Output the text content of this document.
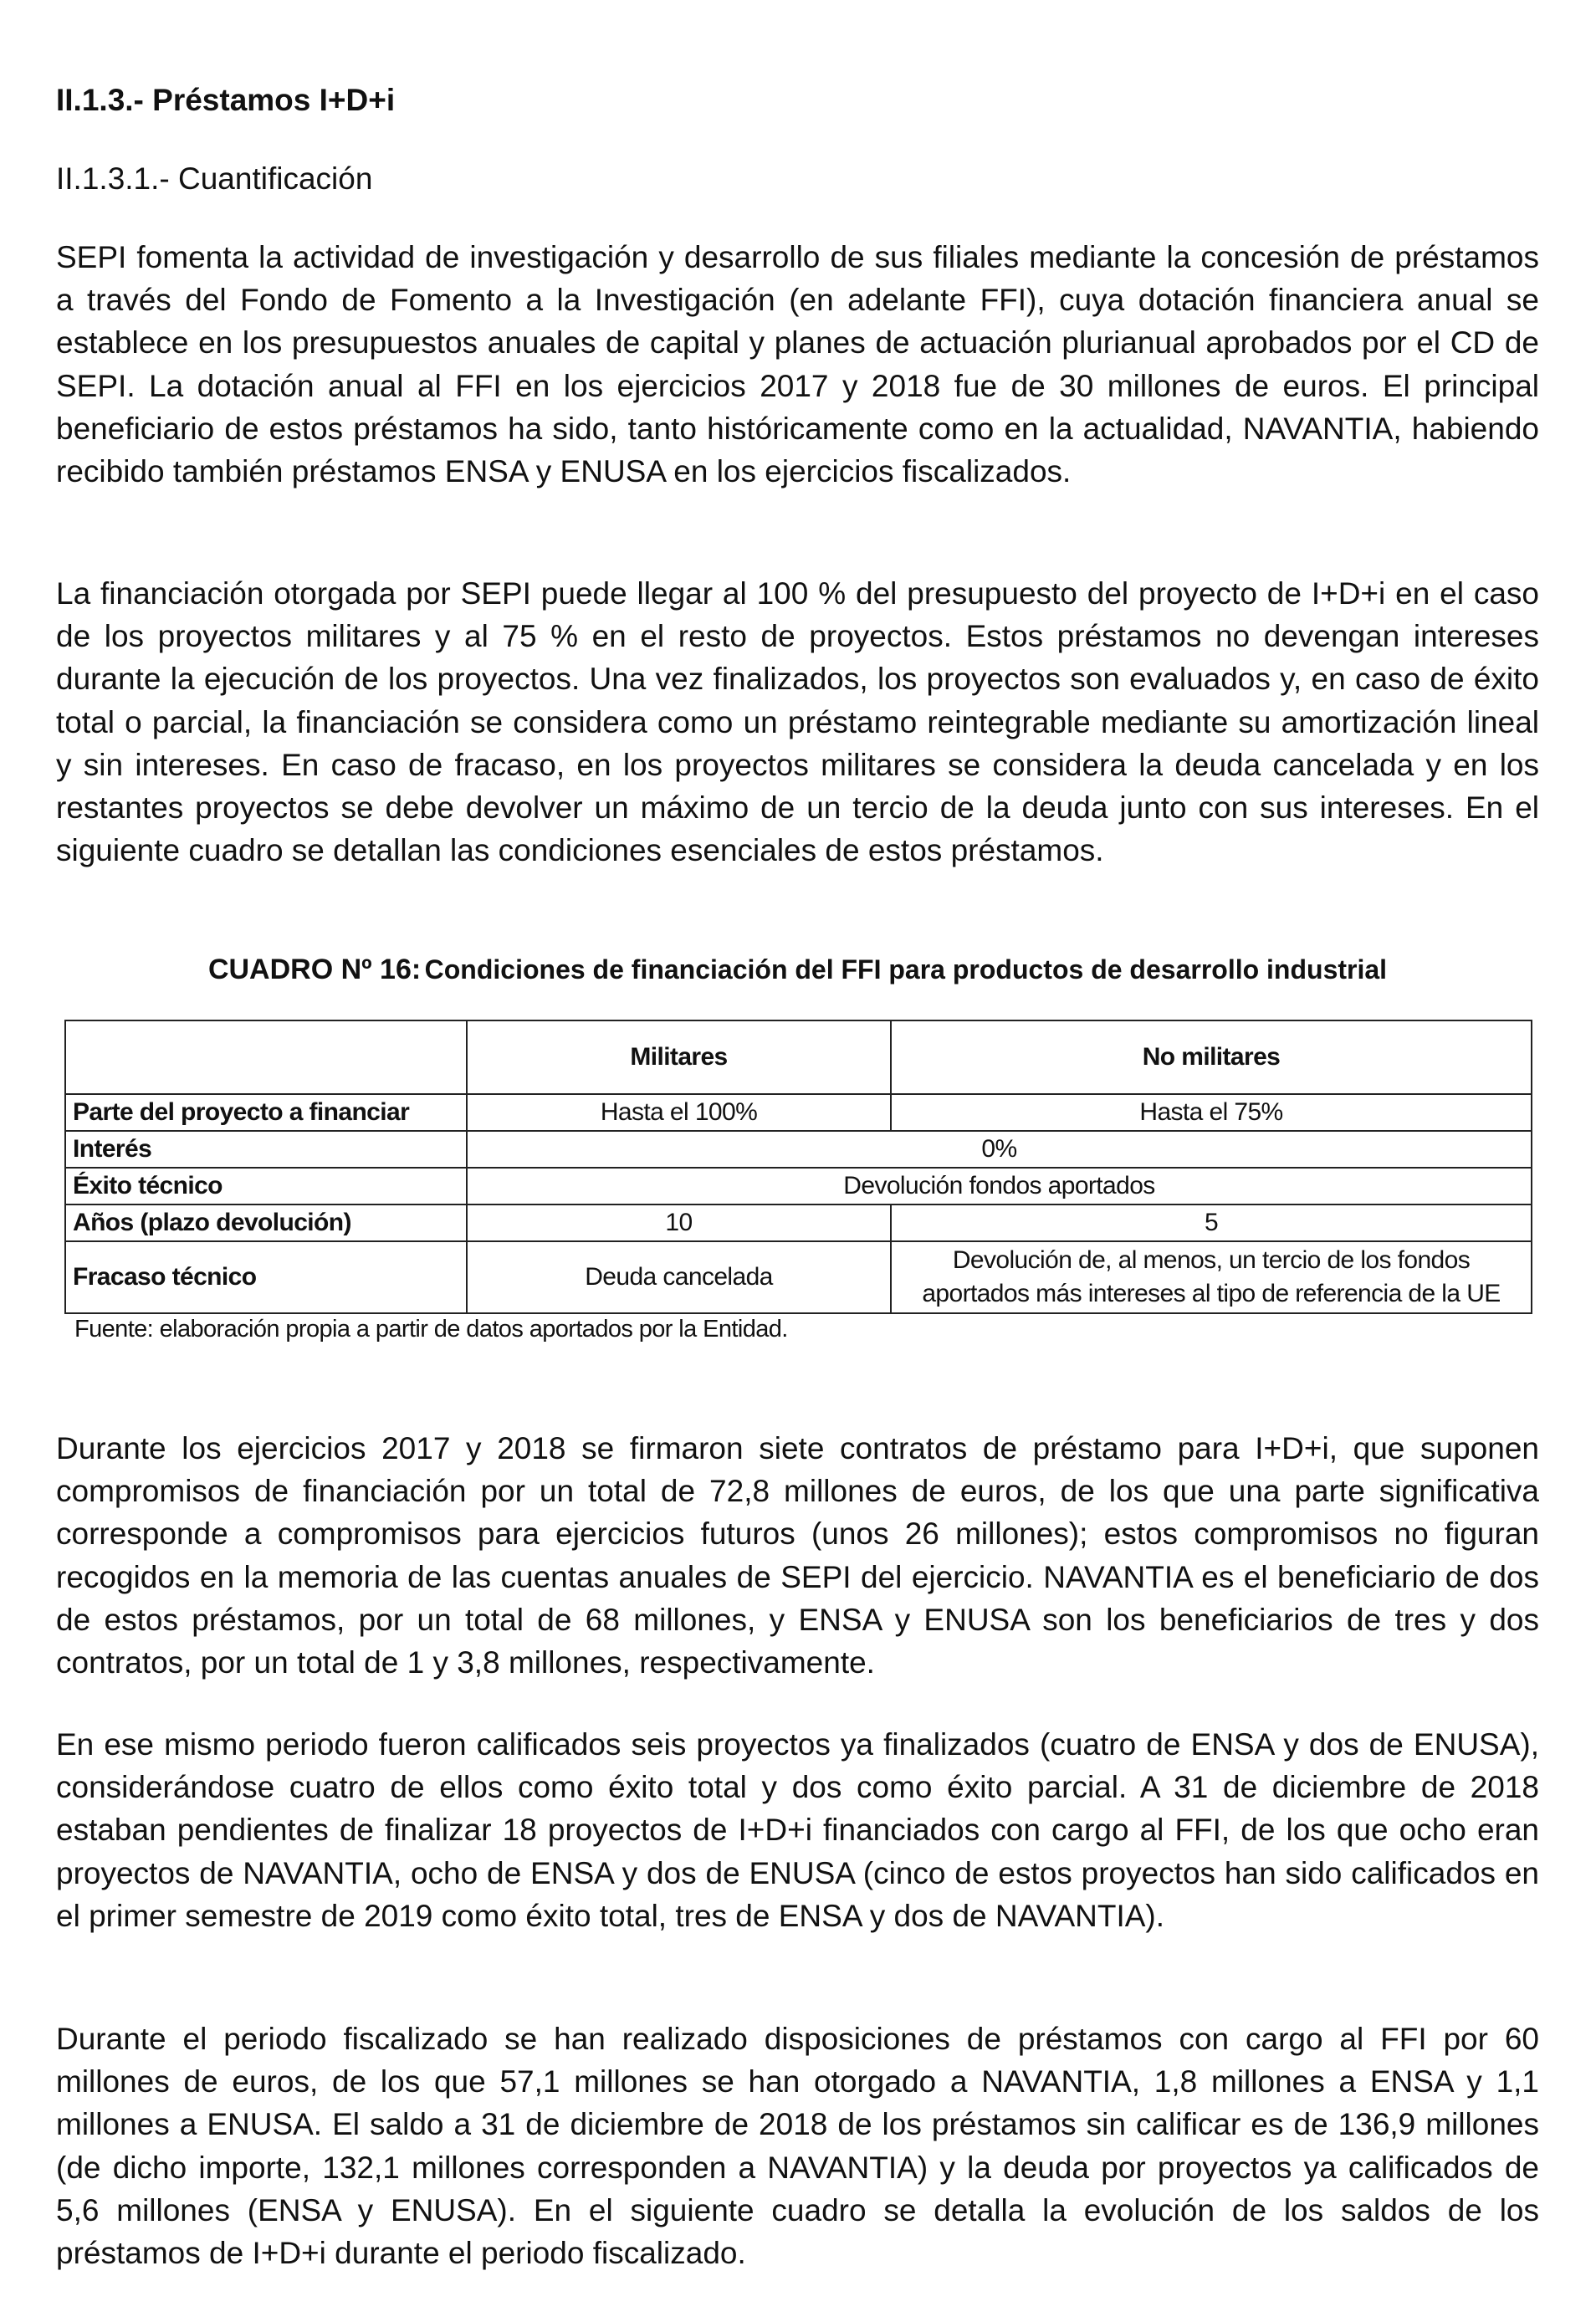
II.1.3.- Préstamos I+D+i

II.1.3.1.- Cuantificación

SEPI fomenta la actividad de investigación y desarrollo de sus filiales mediante la concesión de préstamos a través del Fondo de Fomento a la Investigación (en adelante FFI), cuya dotación financiera anual se establece en los presupuestos anuales de capital y planes de actuación plurianual aprobados por el CD de SEPI. La dotación anual al FFI en los ejercicios 2017 y 2018 fue de 30 millones de euros. El principal beneficiario de estos préstamos ha sido, tanto históricamente como en la actualidad, NAVANTIA, habiendo recibido también préstamos ENSA y ENUSA en los ejercicios fiscalizados.

La financiación otorgada por SEPI puede llegar al 100 % del presupuesto del proyecto de I+D+i en el caso de los proyectos militares y al 75 % en el resto de proyectos. Estos préstamos no devengan intereses durante la ejecución de los proyectos. Una vez finalizados, los proyectos son evaluados y, en caso de éxito total o parcial, la financiación se considera como un préstamo reintegrable mediante su amortización lineal y sin intereses. En caso de fracaso, en los proyectos militares se considera la deuda cancelada y en los restantes proyectos se debe devolver un máximo de un tercio de la deuda junto con sus intereses. En el siguiente cuadro se detallan las condiciones esenciales de estos préstamos.

CUADRO Nº 16: Condiciones de financiación del FFI para productos de desarrollo industrial

	Militares	No militares
Parte del proyecto a financiar	Hasta el 100%	Hasta el 75%
Interés	0%	
Éxito técnico	Devolución fondos aportados	
Años (plazo devolución)	10	5
Fracaso técnico	Deuda cancelada	Devolución de, al menos, un tercio de los fondos
aportados más intereses al tipo de referencia de la UE

Fuente: elaboración propia a partir de datos aportados por la Entidad.

Durante los ejercicios 2017 y 2018 se firmaron siete contratos de préstamo para I+D+i, que suponen compromisos de financiación por un total de 72,8 millones de euros, de los que una parte significativa corresponde a compromisos para ejercicios futuros (unos 26 millones); estos compromisos no figuran recogidos en la memoria de las cuentas anuales de SEPI del ejercicio. NAVANTIA es el beneficiario de dos de estos préstamos, por un total de 68 millones, y ENSA y ENUSA son los beneficiarios de tres y dos contratos, por un total de 1 y 3,8 millones, respectivamente.

En ese mismo periodo fueron calificados seis proyectos ya finalizados (cuatro de ENSA y dos de ENUSA), considerándose cuatro de ellos como éxito total y dos como éxito parcial. A 31 de diciembre de 2018 estaban pendientes de finalizar 18 proyectos de I+D+i financiados con cargo al FFI, de los que ocho eran proyectos de NAVANTIA, ocho de ENSA y dos de ENUSA (cinco de estos proyectos han sido calificados en el primer semestre de 2019 como éxito total, tres de ENSA y dos de NAVANTIA).

Durante el periodo fiscalizado se han realizado disposiciones de préstamos con cargo al FFI por 60 millones de euros, de los que 57,1 millones se han otorgado a NAVANTIA, 1,8 millones a ENSA y 1,1 millones a ENUSA. El saldo a 31 de diciembre de 2018 de los préstamos sin calificar es de 136,9 millones (de dicho importe, 132,1 millones corresponden a NAVANTIA) y la deuda por proyectos ya calificados de 5,6 millones (ENSA y ENUSA). En el siguiente cuadro se detalla la evolución de los saldos de los préstamos de I+D+i durante el periodo fiscalizado.
